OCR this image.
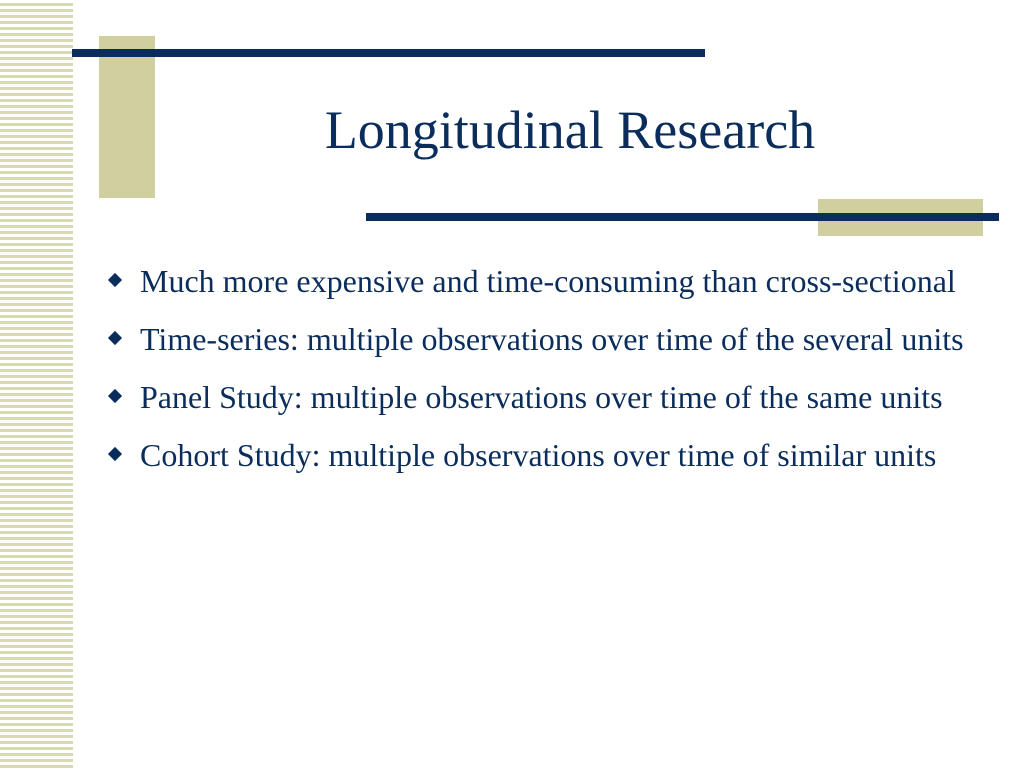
Longitudinal Research
Much more expensive and time-consuming than cross-sectional
Time-series: multiple observations over time of the several units
Panel Study: multiple observations over time of the same units
Cohort Study: multiple observations over time of similar units
